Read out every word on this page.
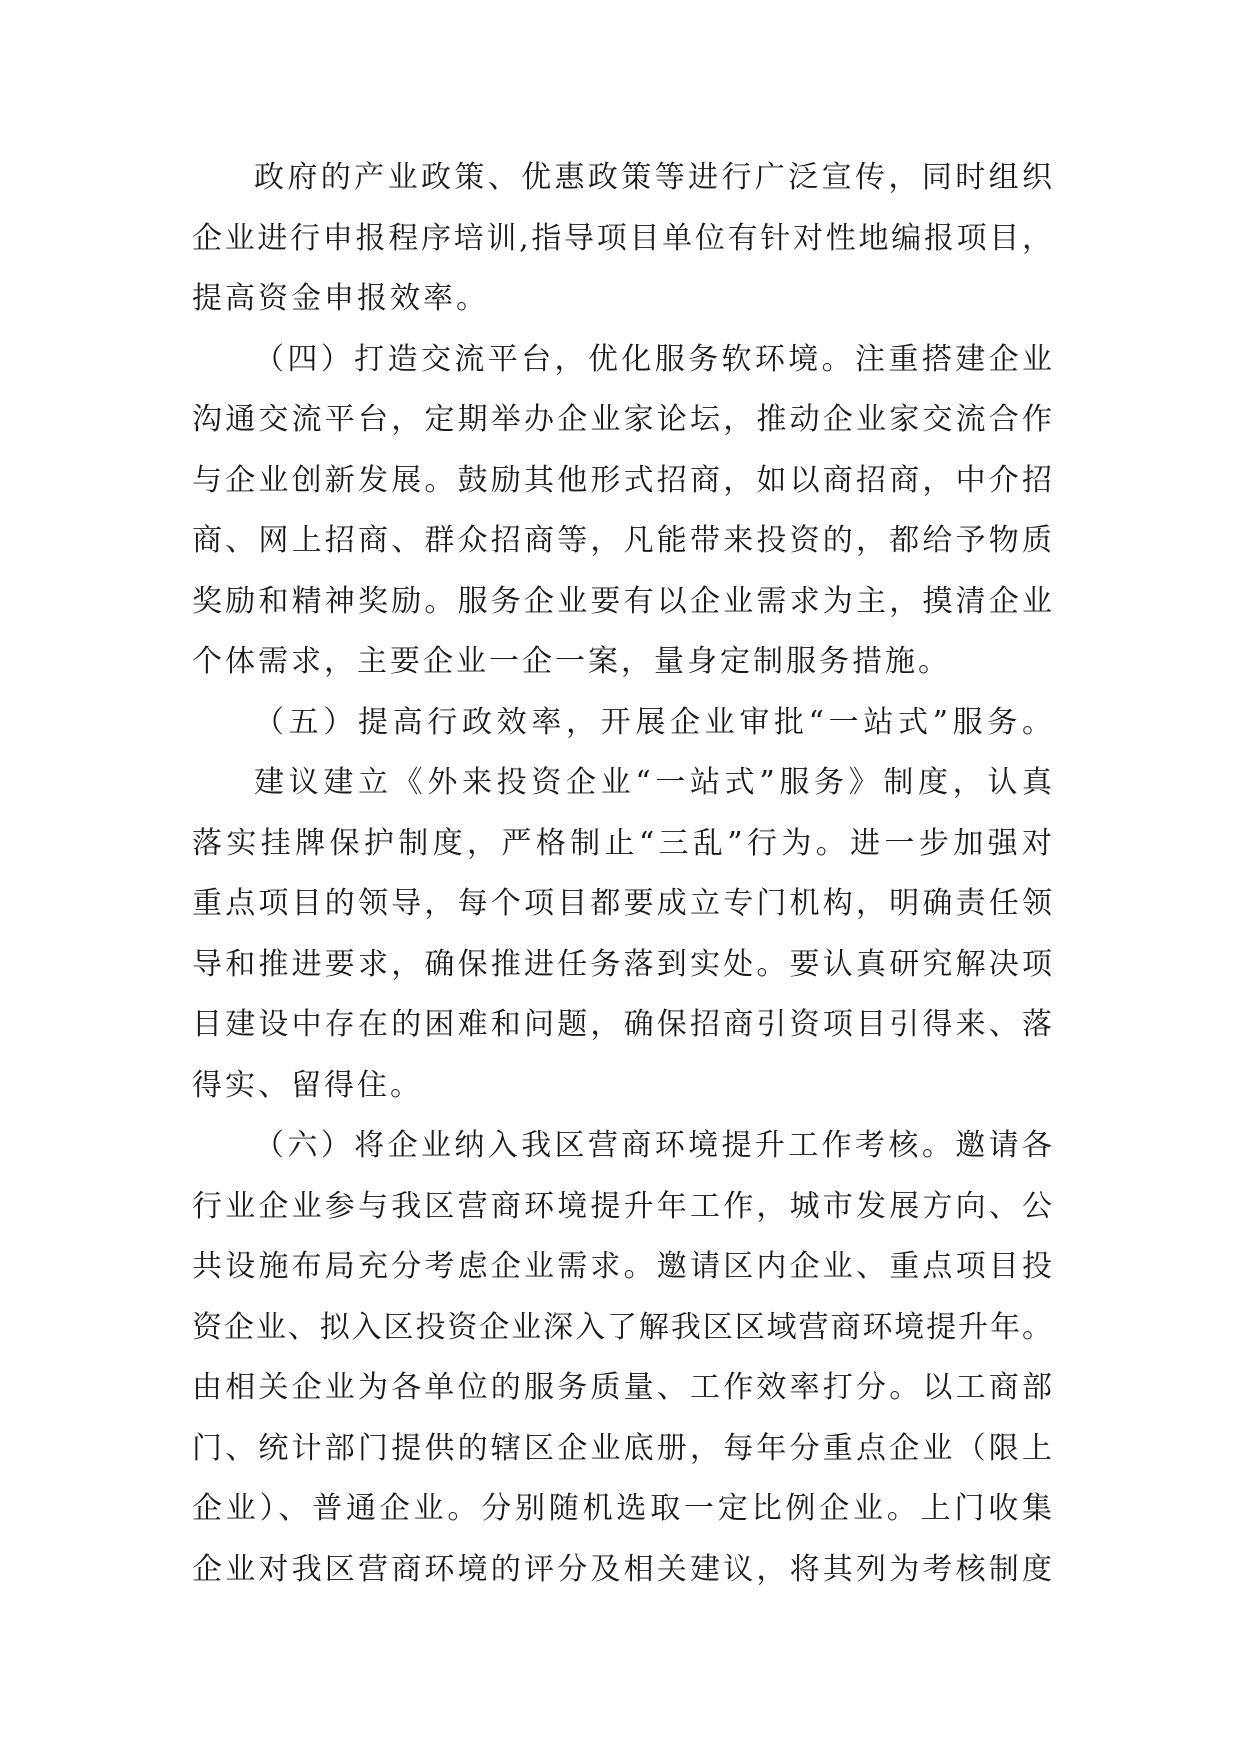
政府的产业政策、优惠政策等进行广泛宣传，同时组织
企业进行申报程序培训,指导项目单位有针对性地编报项目，
提高资金申报效率。
（四）打造交流平台，优化服务软环境。注重搭建企业
沟通交流平台，定期举办企业家论坛，推动企业家交流合作
与企业创新发展。鼓励其他形式招商，如以商招商，中介招
商、网上招商、群众招商等，凡能带来投资的，都给予物质
奖励和精神奖励。服务企业要有以企业需求为主，摸清企业
个体需求，主要企业一企一案，量身定制服务措施。
（五）提高行政效率，开展企业审批“一站式”服务。
建议建立《外来投资企业“一站式”服务》制度，认真
落实挂牌保护制度，严格制止“三乱”行为。进一步加强对
重点项目的领导，每个项目都要成立专门机构，明确责任领
导和推进要求，确保推进任务落到实处。要认真研究解决项
目建设中存在的困难和问题，确保招商引资项目引得来、落
得实、留得住。
（六）将企业纳入我区营商环境提升工作考核。邀请各
行业企业参与我区营商环境提升年工作，城市发展方向、公
共设施布局充分考虑企业需求。邀请区内企业、重点项目投
资企业、拟入区投资企业深入了解我区区域营商环境提升年。
由相关企业为各单位的服务质量、工作效率打分。以工商部
门、统计部门提供的辖区企业底册，每年分重点企业（限上
企业）、普通企业。分别随机选取一定比例企业。上门收集
企业对我区营商环境的评分及相关建议，将其列为考核制度
